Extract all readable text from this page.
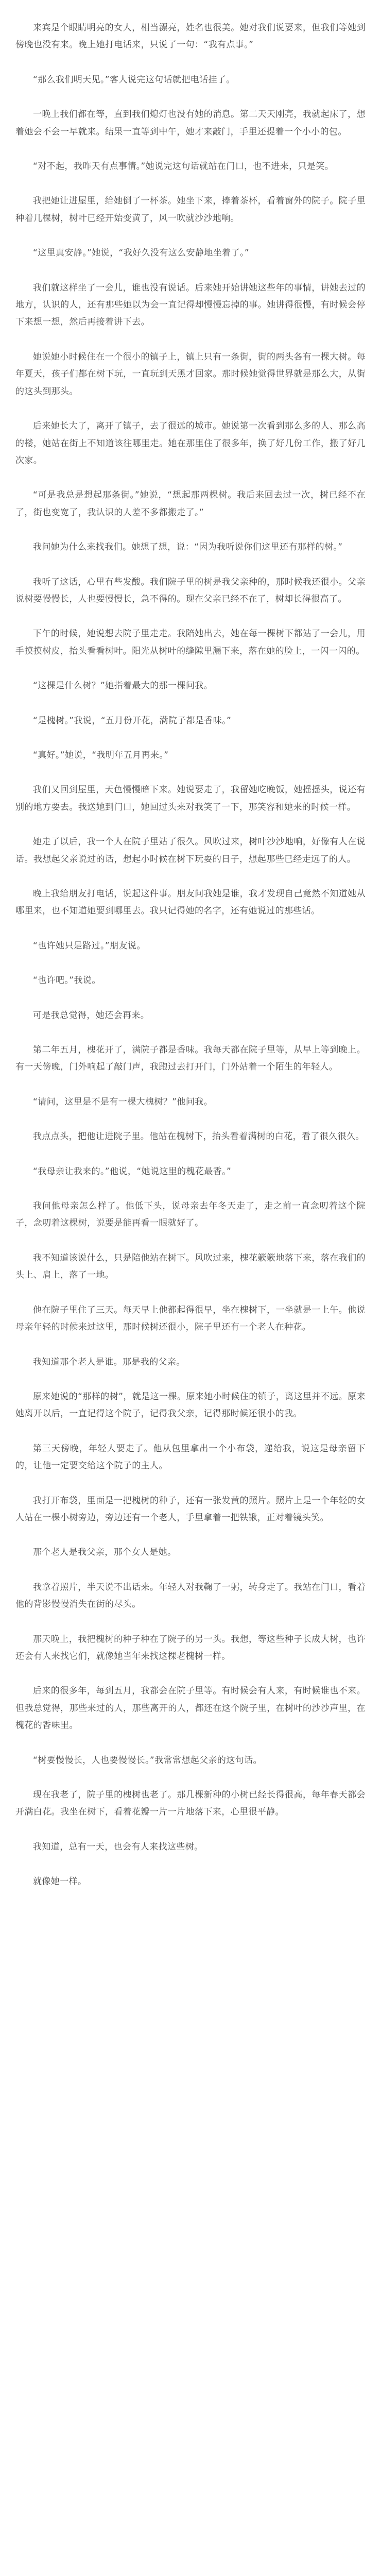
来宾是个眼睛明亮的女人，相当漂亮，姓名也很美。她对我们说要来，但我们等她到傍晚也没有来。晚上她打电话来，只说了一句：“我有点事。”

“那么我们明天见。”客人说完这句话就把电话挂了。

一晚上我们都在等，直到我们熄灯也没有她的消息。第二天天刚亮，我就起床了，想着她会不会一早就来。结果一直等到中午，她才来敲门，手里还提着一个小小的包。

“对不起，我昨天有点事情。”她说完这句话就站在门口，也不进来，只是笑。

我把她让进屋里，给她倒了一杯茶。她坐下来，捧着茶杯，看着窗外的院子。院子里种着几棵树，树叶已经开始变黄了，风一吹就沙沙地响。

“这里真安静。”她说，“我好久没有这么安静地坐着了。”

我们就这样坐了一会儿，谁也没有说话。后来她开始讲她这些年的事情，讲她去过的地方，认识的人，还有那些她以为会一直记得却慢慢忘掉的事。她讲得很慢，有时候会停下来想一想，然后再接着讲下去。

她说她小时候住在一个很小的镇子上，镇上只有一条街，街的两头各有一棵大树。每年夏天，孩子们都在树下玩，一直玩到天黑才回家。那时候她觉得世界就是那么大，从街的这头到那头。

后来她长大了，离开了镇子，去了很远的城市。她说第一次看到那么多的人、那么高的楼，她站在街上不知道该往哪里走。她在那里住了很多年，换了好几份工作，搬了好几次家。

“可是我总是想起那条街。”她说，“想起那两棵树。我后来回去过一次，树已经不在了，街也变宽了，我认识的人差不多都搬走了。”

我问她为什么来找我们。她想了想，说：“因为我听说你们这里还有那样的树。”

我听了这话，心里有些发酸。我们院子里的树是我父亲种的，那时候我还很小。父亲说树要慢慢长，人也要慢慢长，急不得的。现在父亲已经不在了，树却长得很高了。

下午的时候，她说想去院子里走走。我陪她出去，她在每一棵树下都站了一会儿，用手摸摸树皮，抬头看看树叶。阳光从树叶的缝隙里漏下来，落在她的脸上，一闪一闪的。

“这棵是什么树？”她指着最大的那一棵问我。

“是槐树。”我说，“五月份开花，满院子都是香味。”

“真好。”她说，“我明年五月再来。”

我们又回到屋里，天色慢慢暗下来。她说要走了，我留她吃晚饭，她摇摇头，说还有别的地方要去。我送她到门口，她回过头来对我笑了一下，那笑容和她来的时候一样。

她走了以后，我一个人在院子里站了很久。风吹过来，树叶沙沙地响，好像有人在说话。我想起父亲说过的话，想起小时候在树下玩耍的日子，想起那些已经走远了的人。

晚上我给朋友打电话，说起这件事。朋友问我她是谁，我才发现自己竟然不知道她从哪里来，也不知道她要到哪里去。我只记得她的名字，还有她说过的那些话。

“也许她只是路过。”朋友说。

“也许吧。”我说。

可是我总觉得，她还会再来。

第二年五月，槐花开了，满院子都是香味。我每天都在院子里等，从早上等到晚上。有一天傍晚，门外响起了敲门声，我跑过去打开门，门外站着一个陌生的年轻人。

“请问，这里是不是有一棵大槐树？”他问我。

我点点头，把他让进院子里。他站在槐树下，抬头看着满树的白花，看了很久很久。

“我母亲让我来的。”他说，“她说这里的槐花最香。”

我问他母亲怎么样了。他低下头，说母亲去年冬天走了，走之前一直念叨着这个院子，念叨着这棵树，说要是能再看一眼就好了。

我不知道该说什么，只是陪他站在树下。风吹过来，槐花簌簌地落下来，落在我们的头上、肩上，落了一地。

他在院子里住了三天。每天早上他都起得很早，坐在槐树下，一坐就是一上午。他说母亲年轻的时候来过这里，那时候树还很小，院子里还有一个老人在种花。

我知道那个老人是谁。那是我的父亲。

原来她说的“那样的树”，就是这一棵。原来她小时候住的镇子，离这里并不远。原来她离开以后，一直记得这个院子，记得我父亲，记得那时候还很小的我。

第三天傍晚，年轻人要走了。他从包里拿出一个小布袋，递给我，说这是母亲留下的，让他一定要交给这个院子的主人。

我打开布袋，里面是一把槐树的种子，还有一张发黄的照片。照片上是一个年轻的女人站在一棵小树旁边，旁边还有一个老人，手里拿着一把铁锹，正对着镜头笑。

那个老人是我父亲，那个女人是她。

我拿着照片，半天说不出话来。年轻人对我鞠了一躬，转身走了。我站在门口，看着他的背影慢慢消失在街的尽头。

那天晚上，我把槐树的种子种在了院子的另一头。我想，等这些种子长成大树，也许还会有人来找它们，就像她当年来找这棵老槐树一样。

后来的很多年，每到五月，我都会在院子里等。有时候会有人来，有时候谁也不来。但我总觉得，那些来过的人，那些离开的人，都还在这个院子里，在树叶的沙沙声里，在槐花的香味里。

“树要慢慢长，人也要慢慢长。”我常常想起父亲的这句话。

现在我老了，院子里的槐树也老了。那几棵新种的小树已经长得很高，每年春天都会开满白花。我坐在树下，看着花瓣一片一片地落下来，心里很平静。

我知道，总有一天，也会有人来找这些树。

就像她一样。
